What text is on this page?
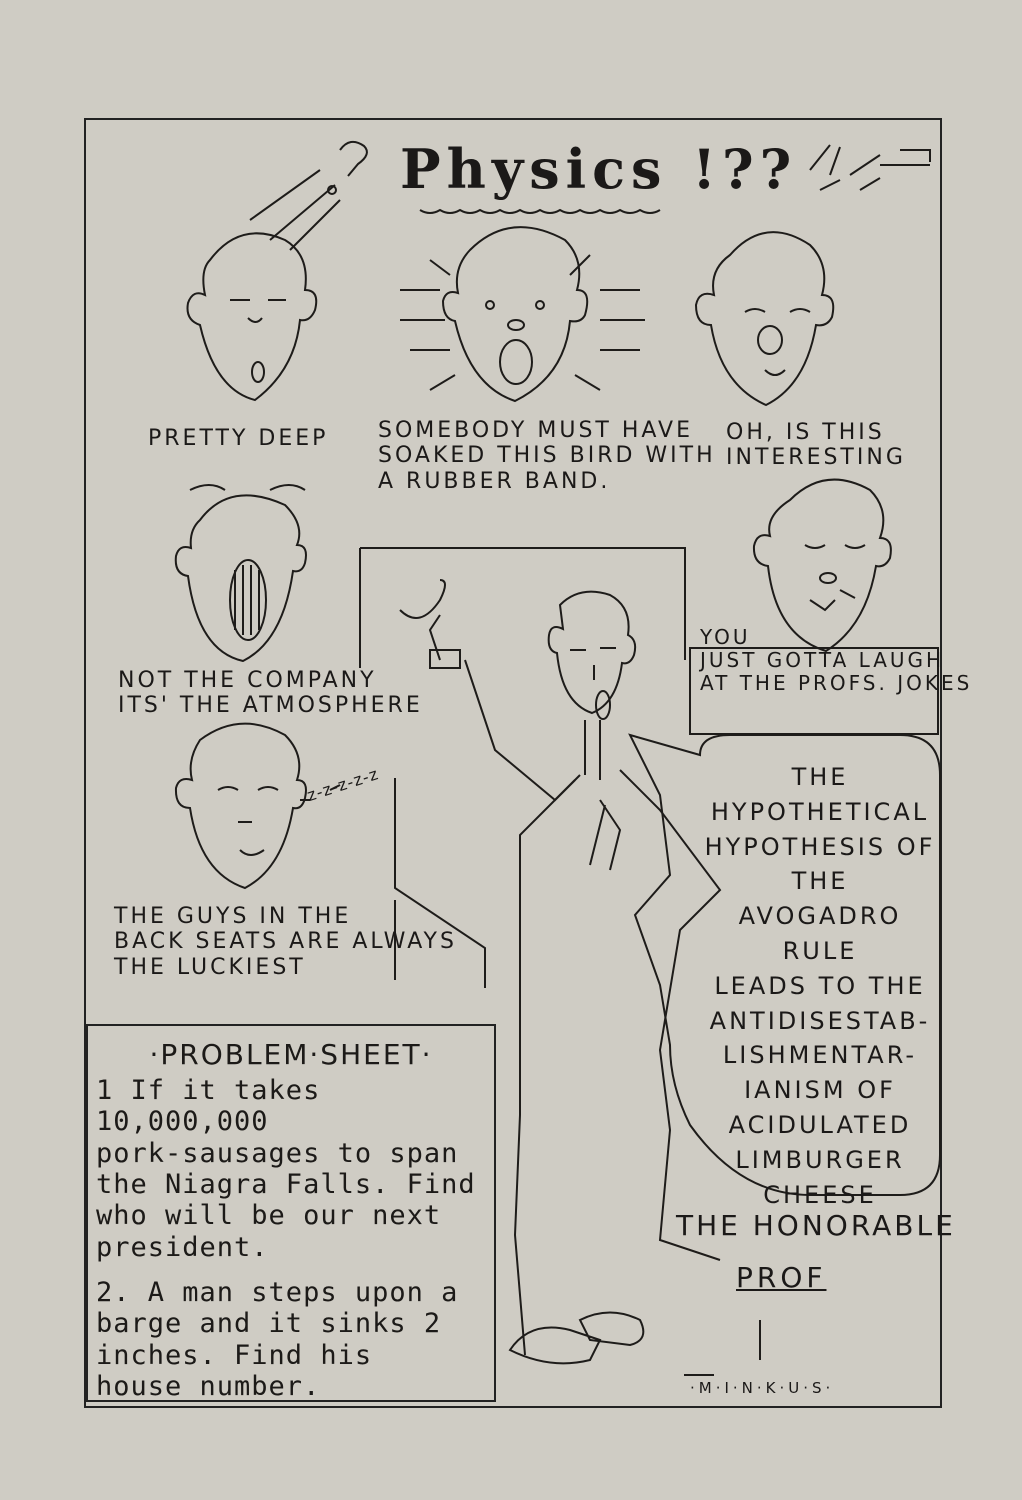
Physics !??
PRETTY DEEP SOMEBODY MUST HAVE
SOAKED THIS BIRD WITH
A RUBBER BAND.
OH, IS THIS
INTERESTING
NOT THE COMPANY
ITS' THE ATMOSPHERE
YOU
JUST GOTTA LAUGH
AT THE PROFS. JOKES
THE GUYS IN THE
BACK SEATS ARE ALWAYS
THE LUCKIEST
z-z-z-z-z	THE HYPOTHETICAL
HYPOTHESIS OF THE
AVOGADRO RULE
LEADS TO THE
ANTIDISESTAB-
LISHMENTAR-
IANISM OF
ACIDULATED
LIMBURGER
CHEESE
·PROBLEM·SHEET·
1 If it takes 10,000,000
pork-sausages to span
the Niagra Falls. Find
who will be our next
president.
2. A man steps upon a
barge and it sinks 2
inches. Find his
house number.
THE HONORABLE
PROF
·M·I·N·K·U·S·
